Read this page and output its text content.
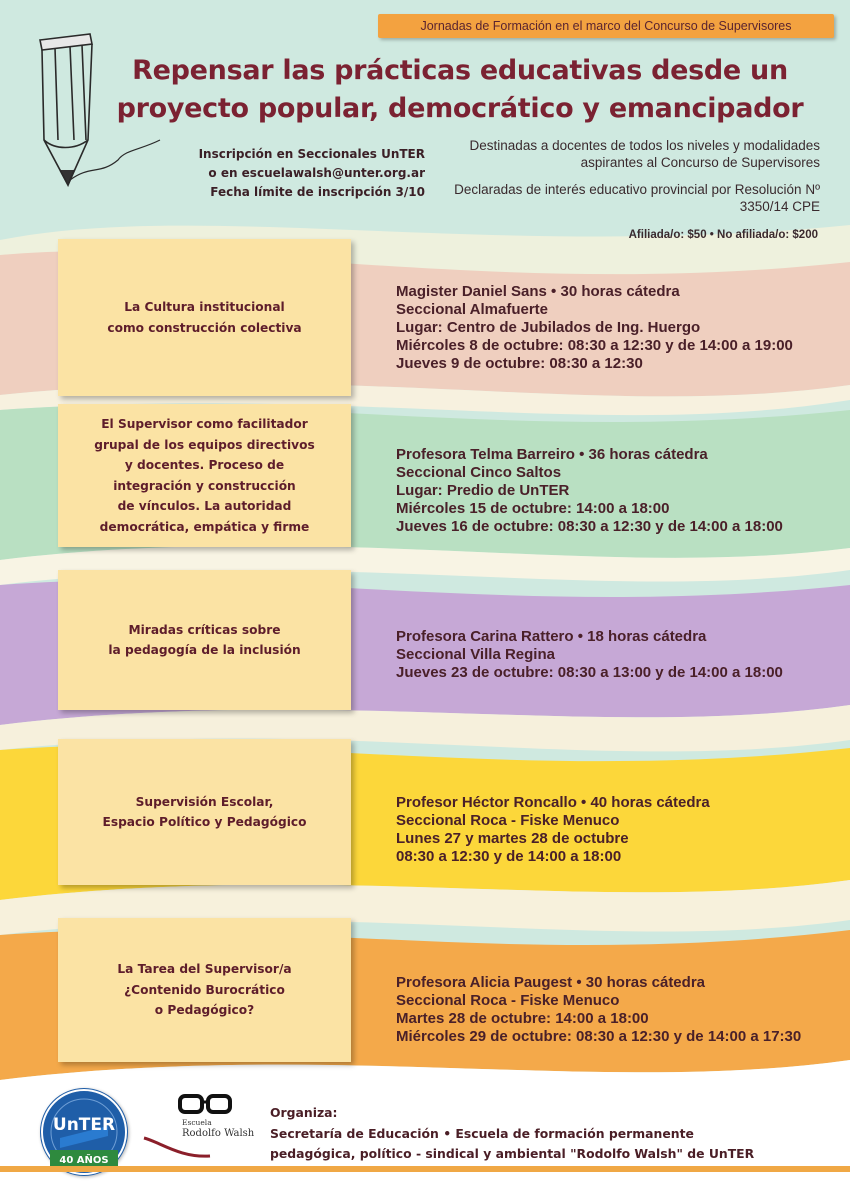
Jornadas de Formación en el marco del Concurso de Supervisores
Repensar las prácticas educativas desde un
proyecto popular, democrático y emancipador
Inscripción en Seccionales UnTER
o en escuelawalsh@unter.org.ar
Fecha límite de inscripción 3/10

Destinadas a docentes de todos los niveles y modalidades aspirantes al Concurso de Supervisores

Declaradas de interés educativo provincial por Resolución Nº 3350/14 CPE

Afiliada/o: $50 • No afiliada/o: $200
La Cultura institucional
como construcción colectiva
Magister Daniel Sans • 30 horas cátedra
Seccional Almafuerte
Lugar: Centro de Jubilados de Ing. Huergo
Miércoles 8 de octubre: 08:30 a 12:30 y de 14:00 a 19:00
Jueves 9 de octubre: 08:30 a 12:30
El Supervisor como facilitador
grupal de los equipos directivos
y docentes. Proceso de
integración y construcción
de vínculos. La autoridad
democrática, empática y firme
Profesora Telma Barreiro • 36 horas cátedra
Seccional Cinco Saltos
Lugar: Predio de UnTER
Miércoles 15 de octubre: 14:00 a 18:00
Jueves 16 de octubre: 08:30 a 12:30 y de 14:00 a 18:00
Miradas críticas sobre
la pedagogía de la inclusión
Profesora Carina Rattero • 18 horas cátedra
Seccional Villa Regina
Jueves 23 de octubre: 08:30 a 13:00 y de 14:00 a 18:00
Supervisión Escolar,
Espacio Político y Pedagógico
Profesor Héctor Roncallo • 40 horas cátedra
Seccional Roca - Fiske Menuco
Lunes 27 y martes 28 de octubre
08:30 a 12:30 y de 14:00 a 18:00
La Tarea del Supervisor/a
¿Contenido Burocrático
o Pedagógico?
Profesora Alicia Paugest • 30 horas cátedra
Seccional Roca - Fiske Menuco
Martes 28 de octubre: 14:00 a 18:00
Miércoles 29 de octubre: 08:30 a 12:30 y de 14:00 a 17:30
UnTER
40 AÑOS
Escuela
Rodolfo Walsh
Organiza:
Secretaría de Educación • Escuela de formación permanente
pedagógica, político - sindical y ambiental "Rodolfo Walsh" de UnTER
